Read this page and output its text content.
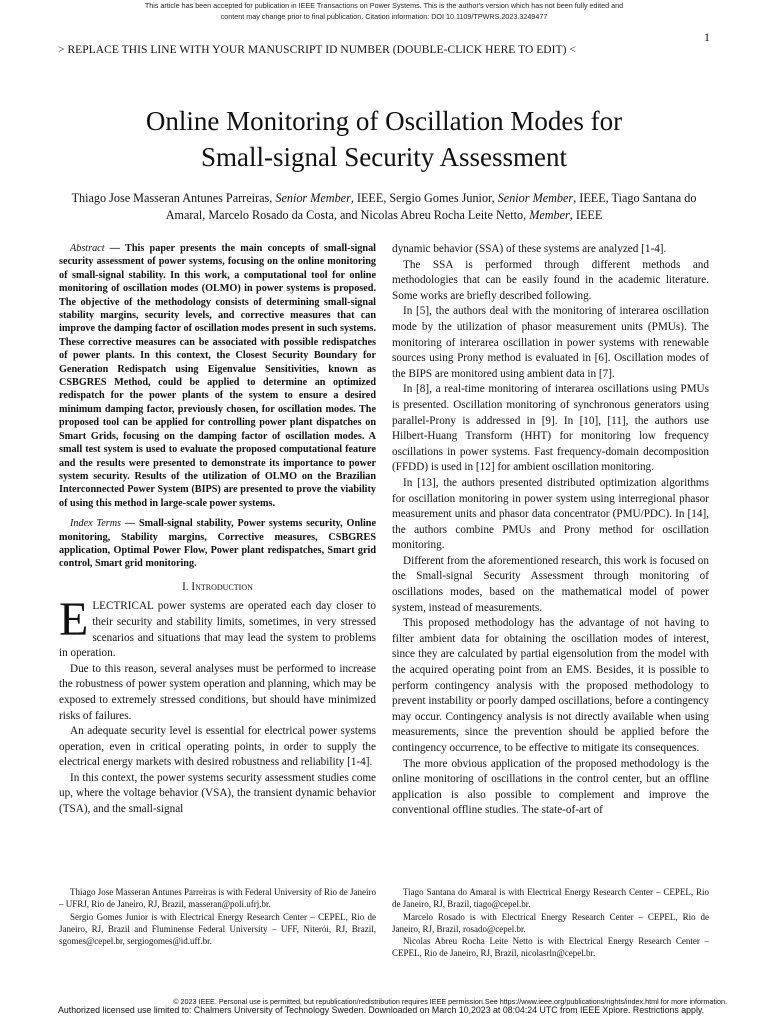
This article has been accepted for publication in IEEE Transactions on Power Systems. This is the author's version which has not been fully edited and
content may change prior to final publication. Citation information: DOI 10.1109/TPWRS.2023.3249477
1
> REPLACE THIS LINE WITH YOUR MANUSCRIPT ID NUMBER (DOUBLE-CLICK HERE TO EDIT) <
Online Monitoring of Oscillation Modes for
Small-signal Security Assessment
Thiago Jose Masseran Antunes Parreiras, Senior Member, IEEE, Sergio Gomes Junior, Senior Member, IEEE, Tiago Santana do Amaral, Marcelo Rosado da Costa, and Nicolas Abreu Rocha Leite Netto, Member, IEEE

Abstract — This paper presents the main concepts of small-signal security assessment of power systems, focusing on the online monitoring of small-signal stability. In this work, a computational tool for online monitoring of oscillation modes (OLMO) in power systems is proposed. The objective of the methodology consists of determining small-signal stability margins, security levels, and corrective measures that can improve the damping factor of oscillation modes present in such systems. These corrective measures can be associated with possible redispatches of power plants. In this context, the Closest Security Boundary for Generation Redispatch using Eigenvalue Sensitivities, known as CSBGRES Method, could be applied to determine an optimized redispatch for the power plants of the system to ensure a desired minimum damping factor, previously chosen, for oscillation modes. The proposed tool can be applied for controlling power plant dispatches on Smart Grids, focusing on the damping factor of oscillation modes. A small test system is used to evaluate the proposed computational feature and the results were presented to demonstrate its importance to power system security. Results of the utilization of OLMO on the Brazilian Interconnected Power System (BIPS) are presented to prove the viability of using this method in large-scale power systems.

Index Terms — Small-signal stability, Power systems security, Online monitoring, Stability margins, Corrective measures, CSBGRES application, Optimal Power Flow, Power plant redispatches, Smart grid control, Smart grid monitoring.

I. Introduction

ELECTRICAL power systems are operated each day closer to their security and stability limits, sometimes, in very stressed scenarios and situations that may lead the system to problems in operation.

Due to this reason, several analyses must be performed to increase the robustness of power system operation and planning, which may be exposed to extremely stressed conditions, but should have minimized risks of failures.

An adequate security level is essential for electrical power systems operation, even in critical operating points, in order to supply the electrical energy markets with desired robustness and reliability [1-4].

In this context, the power systems security assessment studies come up, where the voltage behavior (VSA), the transient dynamic behavior (TSA), and the small-signal

dynamic behavior (SSA) of these systems are analyzed [1-4].

The SSA is performed through different methods and methodologies that can be easily found in the academic literature. Some works are briefly described following.

In [5], the authors deal with the monitoring of interarea oscillation mode by the utilization of phasor measurement units (PMUs). The monitoring of interarea oscillation in power systems with renewable sources using Prony method is evaluated in [6]. Oscillation modes of the BIPS are monitored using ambient data in [7].

In [8], a real-time monitoring of interarea oscillations using PMUs is presented. Oscillation monitoring of synchronous generators using parallel-Prony is addressed in [9]. In [10], [11], the authors use Hilbert-Huang Transform (HHT) for monitoring low frequency oscillations in power systems. Fast frequency-domain decomposition (FFDD) is used in [12] for ambient oscillation monitoring.

In [13], the authors presented distributed optimization algorithms for oscillation monitoring in power system using interregional phasor measurement units and phasor data concentrator (PMU/PDC). In [14], the authors combine PMUs and Prony method for oscillation monitoring.

Different from the aforementioned research, this work is focused on the Small-signal Security Assessment through monitoring of oscillations modes, based on the mathematical model of power system, instead of measurements.

This proposed methodology has the advantage of not having to filter ambient data for obtaining the oscillation modes of interest, since they are calculated by partial eigensolution from the model with the acquired operating point from an EMS. Besides, it is possible to perform contingency analysis with the proposed methodology to prevent instability or poorly damped oscillations, before a contingency may occur. Contingency analysis is not directly available when using measurements, since the prevention should be applied before the contingency occurrence, to be effective to mitigate its consequences.

The more obvious application of the proposed methodology is the online monitoring of oscillations in the control center, but an offline application is also possible to complement and improve the conventional offline studies. The state-of-art of

Thiago Jose Masseran Antunes Parreiras is with Federal University of Rio de Janeiro – UFRJ, Rio de Janeiro, RJ, Brazil, masseran@poli.ufrj.br.

Sergio Gomes Junior is with Electrical Energy Research Center – CEPEL, Rio de Janeiro, RJ, Brazil and Fluminense Federal University – UFF, Niterói, RJ, Brazil, sgomes@cepel.br, sergiogomes@id.uff.br.

Tiago Santana do Amaral is with Electrical Energy Research Center – CEPEL, Rio de Janeiro, RJ, Brazil, tiago@cepel.br.

Marcelo Rosado is with Electrical Energy Research Center – CEPEL, Rio de Janeiro, RJ, Brazil, rosado@cepel.br.

Nicolas Abreu Rocha Leite Netto is with Electrical Energy Research Center – CEPEL, Rio de Janeiro, RJ, Brazil, nicolasrln@cepel.br.

© 2023 IEEE. Personal use is permitted, but republication/redistribution requires IEEE permission.See https://www.ieee.org/publications/rights/index.html for more information.
Authorized licensed use limited to: Chalmers University of Technology Sweden. Downloaded on March 10,2023 at 08:04:24 UTC from IEEE Xplore. Restrictions apply.
